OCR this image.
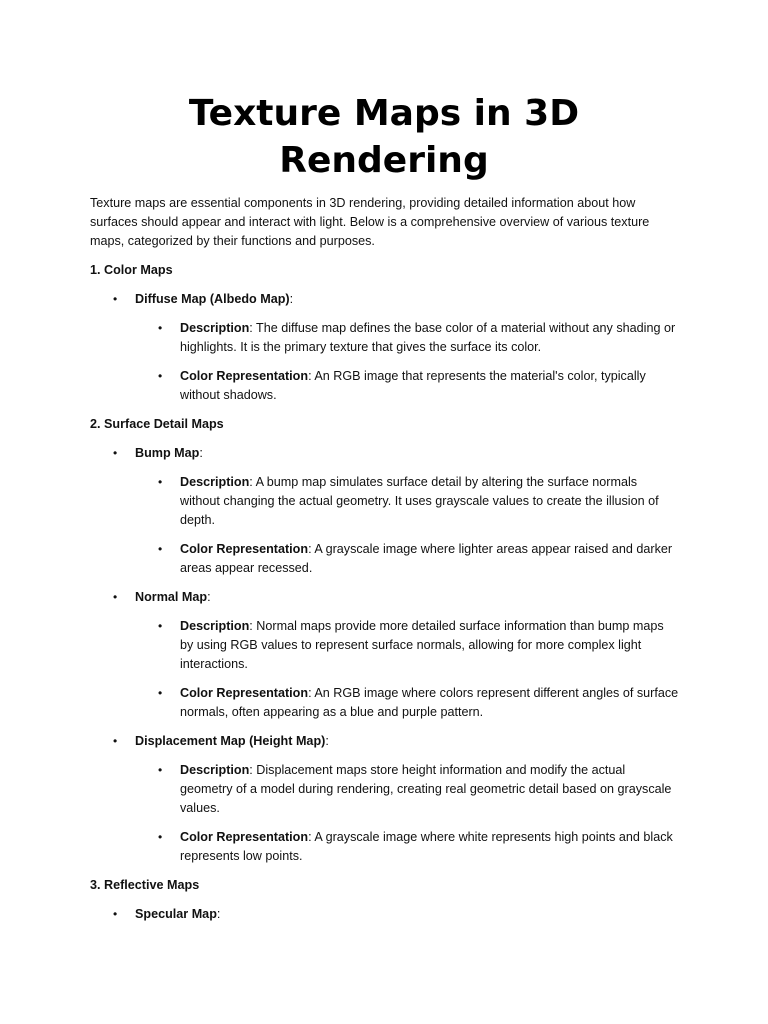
Texture Maps in 3D Rendering

Texture maps are essential components in 3D rendering, providing detailed information about how surfaces should appear and interact with light. Below is a comprehensive overview of various texture maps, categorized by their functions and purposes.

1. Color Maps

• Diffuse Map (Albedo Map):
• Description: The diffuse map defines the base color of a material without any shading or highlights. It is the primary texture that gives the surface its color.
• Color Representation: An RGB image that represents the material's color, typically without shadows.

2. Surface Detail Maps

• Bump Map:
• Description: A bump map simulates surface detail by altering the surface normals without changing the actual geometry. It uses grayscale values to create the illusion of depth.
• Color Representation: A grayscale image where lighter areas appear raised and darker areas appear recessed.
• Normal Map:
• Description: Normal maps provide more detailed surface information than bump maps by using RGB values to represent surface normals, allowing for more complex light interactions.
• Color Representation: An RGB image where colors represent different angles of surface normals, often appearing as a blue and purple pattern.
• Displacement Map (Height Map):
• Description: Displacement maps store height information and modify the actual geometry of a model during rendering, creating real geometric detail based on grayscale values.
• Color Representation: A grayscale image where white represents high points and black represents low points.

3. Reflective Maps

• Specular Map:
